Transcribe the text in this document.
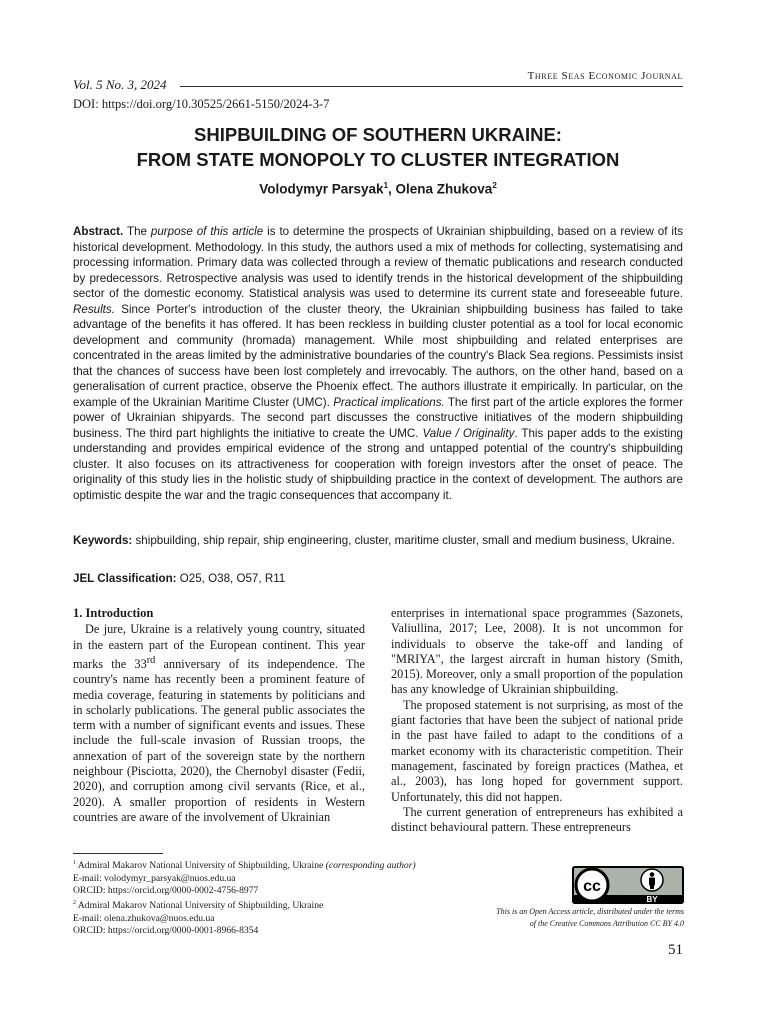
Vol. 5 No. 3, 2024
Three Seas Economic Journal
DOI: https://doi.org/10.30525/2661-5150/2024-3-7
SHIPBUILDING OF SOUTHERN UKRAINE:
FROM STATE MONOPOLY TO CLUSTER INTEGRATION
Volodymyr Parsyak$^1$, Olena Zhukova$^2$
Abstract. The purpose of this article is to determine the prospects of Ukrainian shipbuilding, based on a review of its historical development. Methodology. In this study, the authors used a mix of methods for collecting, systematising and processing information. Primary data was collected through a review of thematic publications and research conducted by predecessors. Retrospective analysis was used to identify trends in the historical development of the shipbuilding sector of the domestic economy. Statistical analysis was used to determine its current state and foreseeable future. Results. Since Porter's introduction of the cluster theory, the Ukrainian shipbuilding business has failed to take advantage of the benefits it has offered. It has been reckless in building cluster potential as a tool for local economic development and community (hromada) management. While most shipbuilding and related enterprises are concentrated in the areas limited by the administrative boundaries of the country's Black Sea regions. Pessimists insist that the chances of success have been lost completely and irrevocably. The authors, on the other hand, based on a generalisation of current practice, observe the Phoenix effect. The authors illustrate it empirically. In particular, on the example of the Ukrainian Maritime Cluster (UMC). Practical implications. The first part of the article explores the former power of Ukrainian shipyards. The second part discusses the constructive initiatives of the modern shipbuilding business. The third part highlights the initiative to create the UMC. Value / Originality. This paper adds to the existing understanding and provides empirical evidence of the strong and untapped potential of the country's shipbuilding cluster. It also focuses on its attractiveness for cooperation with foreign investors after the onset of peace. The originality of this study lies in the holistic study of shipbuilding practice in the context of development. The authors are optimistic despite the war and the tragic consequences that accompany it.
Keywords: shipbuilding, ship repair, ship engineering, cluster, maritime cluster, small and medium business, Ukraine.
JEL Classification: O25, O38, O57, R11
1. Introduction

De jure, Ukraine is a relatively young country, situated in the eastern part of the European continent. This year marks the 33rd anniversary of its independence. The country's name has recently been a prominent feature of media coverage, featuring in statements by politicians and in scholarly publications. The general public associates the term with a number of significant events and issues. These include the full-scale invasion of Russian troops, the annexation of part of the sovereign state by the northern neighbour (Pisciotta, 2020), the Chernobyl disaster (Fedii, 2020), and corruption among civil servants (Rice, et al., 2020). A smaller proportion of residents in Western countries are aware of the involvement of Ukrainian

enterprises in international space programmes (Sazonets, Valiullina, 2017; Lee, 2008). It is not uncommon for individuals to observe the take-off and landing of "MRIYA", the largest aircraft in human history (Smith, 2015). Moreover, only a small proportion of the population has any knowledge of Ukrainian shipbuilding.

The proposed statement is not surprising, as most of the giant factories that have been the subject of national pride in the past have failed to adapt to the conditions of a market economy with its characteristic competition. Their management, fascinated by foreign practices (Mathea, et al., 2003), has long hoped for government support. Unfortunately, this did not happen.

The current generation of entrepreneurs has exhibited a distinct behavioural pattern. These entrepreneurs

$^1$ Admiral Makarov National University of Shipbuilding, Ukraine (corresponding author)
E-mail: volodymyr_parsyak@nuos.edu.ua
ORCID: https://orcid.org/0000-0002-4756-8977
$^2$ Admiral Makarov National University of Shipbuilding, Ukraine
E-mail: olena.zhukova@nuos.edu.ua
ORCID: https://orcid.org/0000-0001-8966-8354
cc
BY
This is an Open Access article, distributed under the terms
of the Creative Commons Attribution CC BY 4.0
51
